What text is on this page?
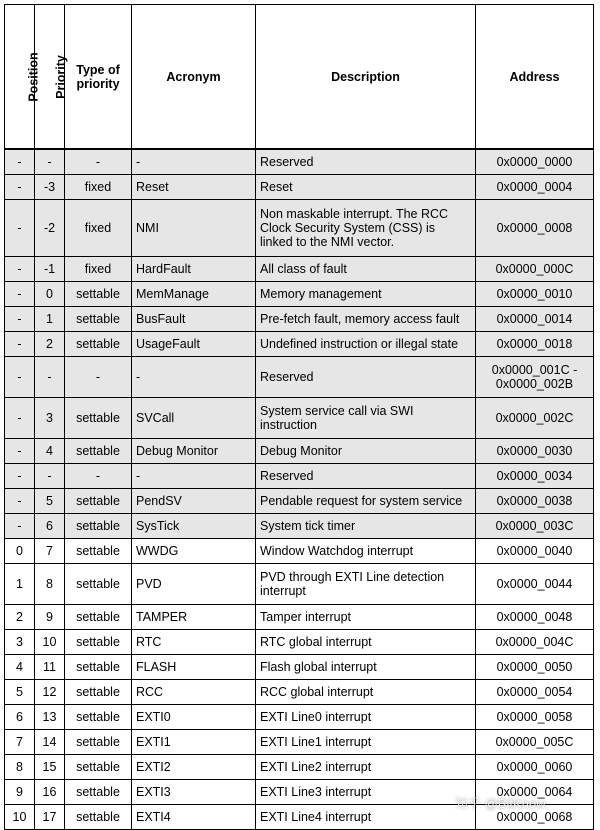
Position	Priority	Type of priority	Acronym	Description	Address
-	-	-	-	Reserved	0x0000_0000
-	-3	fixed	Reset	Reset	0x0000_0004
-	-2	fixed	NMI	Non maskable interrupt. The RCC Clock Security System (CSS) is linked to the NMI vector.	0x0000_0008
-	-1	fixed	HardFault	All class of fault	0x0000_000C
-	0	settable	MemManage	Memory management	0x0000_0010
-	1	settable	BusFault	Pre-fetch fault, memory access fault	0x0000_0014
-	2	settable	UsageFault	Undefined instruction or illegal state	0x0000_0018
-	-	-	-	Reserved	0x0000_001C - 0x0000_002B
-	3	settable	SVCall	System service call via SWI instruction	0x0000_002C
-	4	settable	Debug Monitor	Debug Monitor	0x0000_0030
-	-	-	-	Reserved	0x0000_0034
-	5	settable	PendSV	Pendable request for system service	0x0000_0038
-	6	settable	SysTick	System tick timer	0x0000_003C
0	7	settable	WWDG	Window Watchdog interrupt	0x0000_0040
1	8	settable	PVD	PVD through EXTI Line detection interrupt	0x0000_0044
2	9	settable	TAMPER	Tamper interrupt	0x0000_0048
3	10	settable	RTC	RTC global interrupt	0x0000_004C
4	11	settable	FLASH	Flash global interrupt	0x0000_0050
5	12	settable	RCC	RCC global interrupt	0x0000_0054
6	13	settable	EXTI0	EXTI Line0 interrupt	0x0000_0058
7	14	settable	EXTI1	EXTI Line1 interrupt	0x0000_005C
8	15	settable	EXTI2	EXTI Line2 interrupt	0x0000_0060
9	16	settable	EXTI3	EXTI Line3 interrupt	0x0000_0064
10	17	settable	EXTI4	EXTI Line4 interrupt	0x0000_0068
知乎 @BitKnow
